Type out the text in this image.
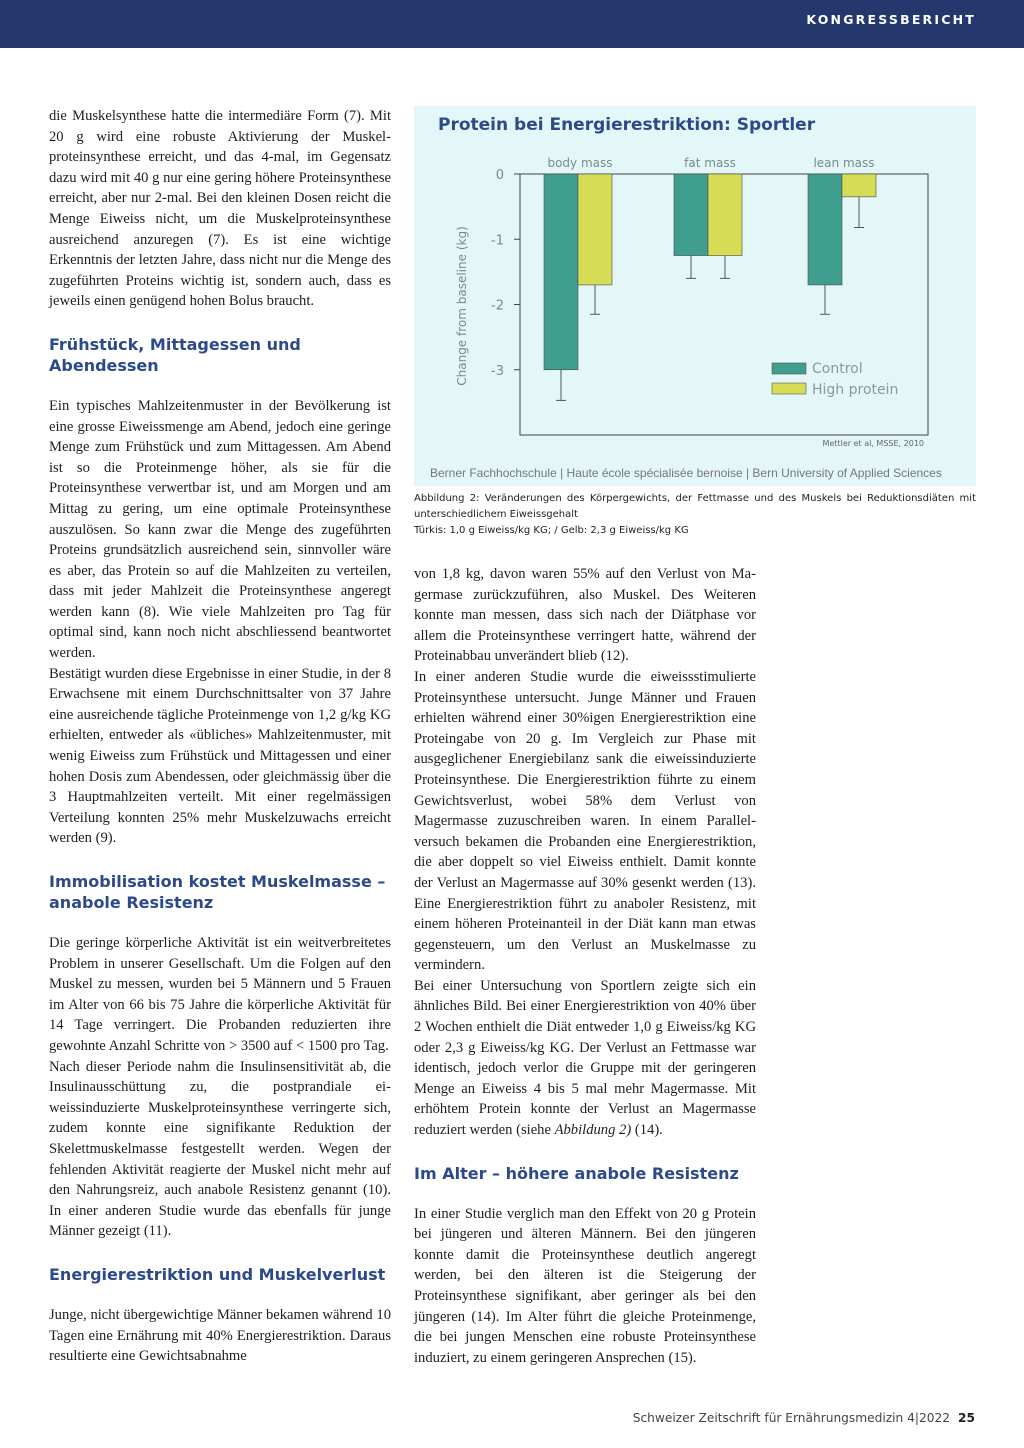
KONGRESSBERICHT

die Muskelsynthese hatte die intermediäre Form (7). Mit 20 g wird eine robuste Aktivierung der Muskelproteinsynthese erreicht, und das 4-mal, im Gegensatz dazu wird mit 40 g nur eine gering höhere Proteinsynthese erreicht, aber nur 2-mal. Bei den kleinen Dosen reicht die Menge Eiweiss nicht, um die Muskelproteinsynthese ausreichend anzuregen (7). Es ist eine wichtige Erkenntnis der letzten Jahre, dass nicht nur die Menge des zugeführten Proteins wichtig ist, sondern auch, dass es jeweils einen genügend hohen Bolus braucht.

Frühstück, Mittagessen und Abendessen

Ein typisches Mahlzeitenmuster in der Bevölkerung ist eine grosse Eiweissmenge am Abend, jedoch eine geringe Menge zum Frühstück und zum Mittagessen. Am Abend ist so die Proteinmenge höher, als sie für die Proteinsynthese verwertbar ist, und am Morgen und am Mittag zu gering, um eine optimale Proteinsynthese auszulösen. So kann zwar die Menge des zugeführten Proteins grundsätzlich ausreichend sein, sinnvoller wäre es aber, das Protein so auf die Mahlzeiten zu verteilen, dass mit jeder Mahlzeit die Proteinsynthese angeregt werden kann (8). Wie viele Mahlzeiten pro Tag für optimal sind, kann noch nicht abschliessend beantwortet werden.

Bestätigt wurden diese Ergebnisse in einer Studie, in der 8 Erwachsene mit einem Durchschnittsalter von 37 Jahre eine ausreichende tägliche Proteinmenge von 1,2 g/kg KG erhielten, entweder als «übliches» Mahlzeitenmuster, mit wenig Eiweiss zum Frühstück und Mittagessen und einer hohen Dosis zum Abendessen, oder gleichmässig über die 3 Hauptmahlzeiten verteilt. Mit einer regelmässigen Verteilung konnten 25% mehr Muskelzuwachs erreicht werden (9).

Immobilisation kostet Muskelmasse – anabole Resistenz

Die geringe körperliche Aktivität ist ein weitverbreitetes Problem in unserer Gesellschaft. Um die Folgen auf den Muskel zu messen, wurden bei 5 Männern und 5 Frauen im Alter von 66 bis 75 Jahre die körperliche Aktivität für 14 Tage verringert. Die Probanden reduzierten ihre gewohnte Anzahl Schritte von > 3500 auf < 1500 pro Tag.

Nach dieser Periode nahm die Insulinsensitivität ab, die Insulinausschüttung zu, die postprandiale eiweissinduzierte Muskelproteinsynthese verringerte sich, zudem konnte eine signifikante Reduktion der Skelettmuskelmasse festgestellt werden. Wegen der fehlenden Aktivität reagierte der Muskel nicht mehr auf den Nahrungsreiz, auch anabole Resistenz genannt (10). In einer anderen Studie wurde das ebenfalls für junge Männer gezeigt (11).

Energierestriktion und Muskelverlust

Junge, nicht übergewichtige Männer bekamen während 10 Tagen eine Ernährung mit 40% Energierestriktion. Daraus resultierte eine Gewichtsabnahme

Protein bei Energierestriktion: Sportler
0
-1
-2
-3
body mass	fat mass	lean mass
Change from baseline (kg)	Control
High protein
Mettler et al, MSSE, 2010
Berner Fachhochschule | Haute école spécialisée bernoise | Bern University of Applied Sciences
Abbildung 2: Veränderungen des Körpergewichts, der Fettmasse und des Muskels bei Reduktionsdiäten mit unterschiedlichem Eiweissgehalt
Türkis: 1,0 g Eiweiss/kg KG; / Gelb: 2,3 g Eiweiss/kg KG

von 1,8 kg, davon waren 55% auf den Verlust von Magermase zurückzuführen, also Muskel. Des Weiteren konnte man messen, dass sich nach der Diätphase vor allem die Proteinsynthese verringert hatte, während der Proteinabbau unverändert blieb (12).

In einer anderen Studie wurde die eiweissstimulierte Proteinsynthese untersucht. Junge Männer und Frauen erhielten während einer 30%igen Energierestriktion eine Proteingabe von 20 g. Im Vergleich zur Phase mit ausgeglichener Energiebilanz sank die eiweissinduzierte Proteinsynthese. Die Energierestriktion führte zu einem Gewichtsverlust, wobei 58% dem Verlust von Magermasse zuzuschreiben waren. In einem Parallelversuch bekamen die Probanden eine Energierestriktion, die aber doppelt so viel Eiweiss enthielt. Damit konnte der Verlust an Magermasse auf 30% gesenkt werden (13). Eine Energierestriktion führt zu anaboler Resistenz, mit einem höheren Proteinanteil in der Diät kann man etwas gegensteuern, um den Verlust an Muskelmasse zu vermindern.

Bei einer Untersuchung von Sportlern zeigte sich ein ähnliches Bild. Bei einer Energierestriktion von 40% über 2 Wochen enthielt die Diät entweder 1,0 g Eiweiss/kg KG oder 2,3 g Eiweiss/kg KG. Der Verlust an Fettmasse war identisch, jedoch verlor die Gruppe mit der geringeren Menge an Eiweiss 4 bis 5 mal mehr Magermasse. Mit erhöhtem Protein konnte der Verlust an Magermasse reduziert werden (siehe Abbildung 2) (14).

Im Alter – höhere anabole Resistenz

In einer Studie verglich man den Effekt von 20 g Protein bei jüngeren und älteren Männern. Bei den jüngeren konnte damit die Proteinsynthese deutlich angeregt werden, bei den älteren ist die Steigerung der Proteinsynthese signifikant, aber geringer als bei den jüngeren (14). Im Alter führt die gleiche Proteinmenge, die bei jungen Menschen eine robuste Proteinsynthese induziert, zu einem geringeren Ansprechen (15).

Schweizer Zeitschrift für Ernährungsmedizin 4|2022 25
